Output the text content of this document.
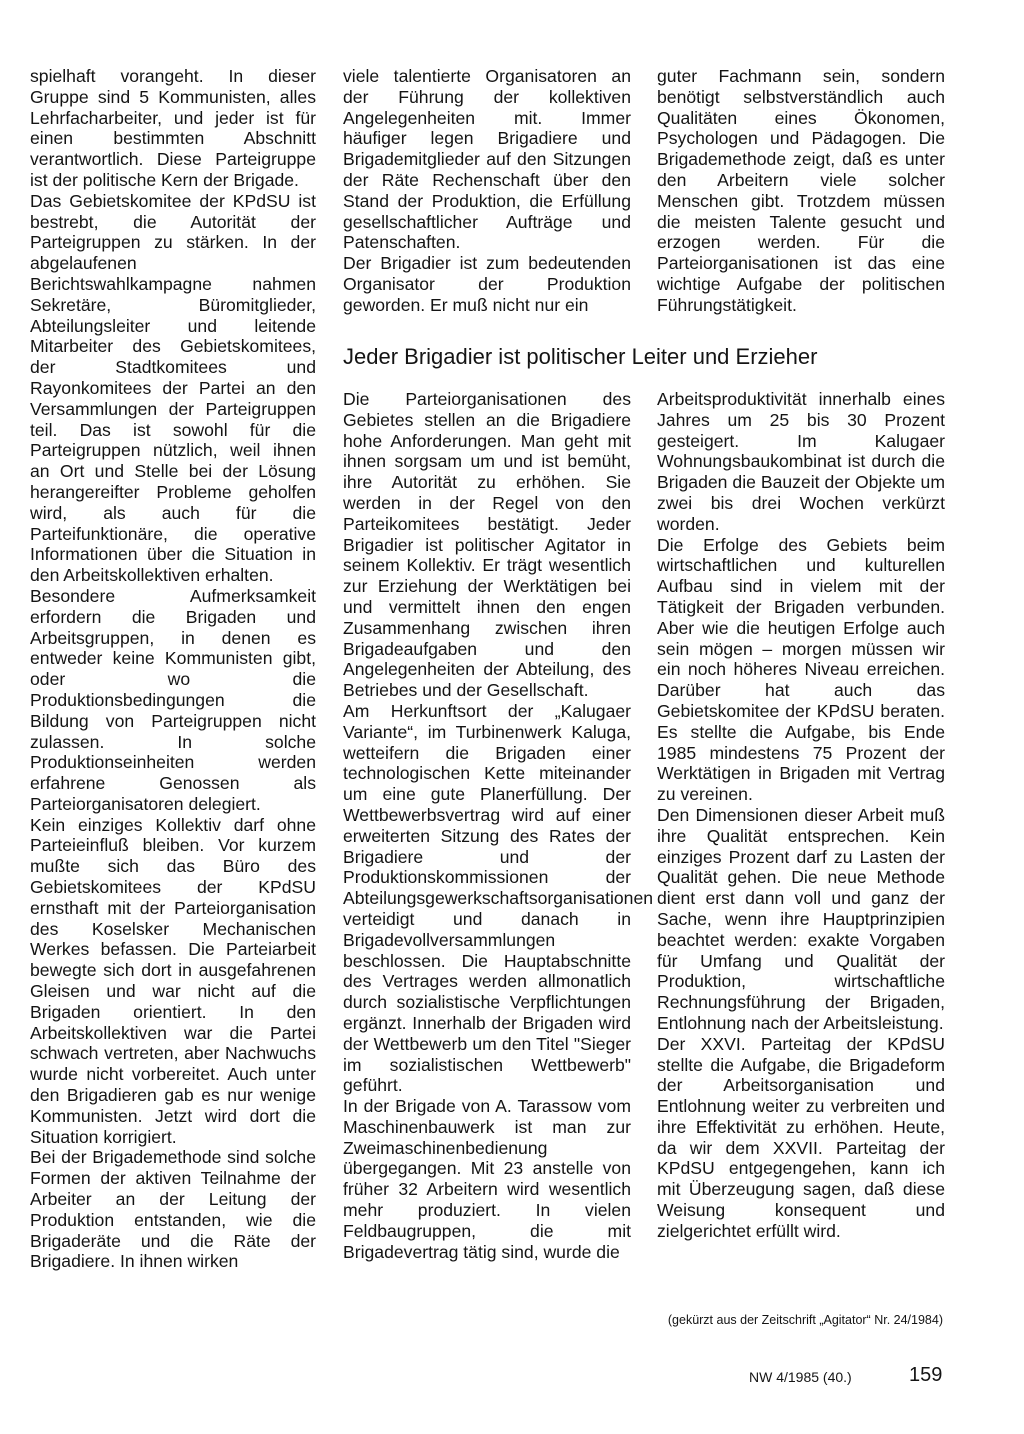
spielhaft vorangeht. In dieser Gruppe sind 5 Kommunisten, alles Lehrfacharbeiter, und jeder ist für einen bestimmten Abschnitt verantwortlich. Diese Parteigruppe ist der politische Kern der Brigade.

Das Gebietskomitee der KPdSU ist bestrebt, die Autorität der Parteigruppen zu stärken. In der abgelaufenen Berichtswahlkampagne nahmen Sekretäre, Büromitglieder, Abteilungsleiter und leitende Mitarbeiter des Gebietskomitees, der Stadtkomitees und Rayonkomitees der Partei an den Versammlungen der Parteigruppen teil. Das ist sowohl für die Parteigruppen nützlich, weil ihnen an Ort und Stelle bei der Lösung herangereifter Probleme geholfen wird, als auch für die Parteifunktionäre, die operative Informationen über die Situation in den Arbeitskollektiven erhalten.

Besondere Aufmerksamkeit erfordern die Brigaden und Arbeitsgruppen, in denen es entweder keine Kommunisten gibt, oder wo die Produktionsbedingungen die Bildung von Parteigruppen nicht zulassen. In solche Produktionseinheiten werden erfahrene Genossen als Parteiorganisatoren delegiert.

Kein einziges Kollektiv darf ohne Parteieinfluß bleiben. Vor kurzem mußte sich das Büro des Gebietskomitees der KPdSU ernsthaft mit der Parteiorganisation des Koselsker Mechanischen Werkes befassen. Die Parteiarbeit bewegte sich dort in ausgefahrenen Gleisen und war nicht auf die Brigaden orientiert. In den Arbeitskollektiven war die Partei schwach vertreten, aber Nachwuchs wurde nicht vorbereitet. Auch unter den Brigadieren gab es nur wenige Kommunisten. Jetzt wird dort die Situation korrigiert.

Bei der Brigademethode sind solche Formen der aktiven Teilnahme der Arbeiter an der Leitung der Produktion entstanden, wie die Brigaderäte und die Räte der Brigadiere. In ihnen wirken

viele talentierte Organisatoren an der Führung der kollektiven Angelegenheiten mit. Immer häufiger legen Brigadiere und Brigademitglieder auf den Sitzungen der Räte Rechenschaft über den Stand der Produktion, die Erfüllung gesellschaftlicher Aufträge und Patenschaften.

Der Brigadier ist zum bedeutenden Organisator der Produktion geworden. Er muß nicht nur ein

guter Fachmann sein, sondern benötigt selbstverständlich auch Qualitäten eines Ökonomen, Psychologen und Pädagogen. Die Brigademethode zeigt, daß es unter den Arbeitern viele solcher Menschen gibt. Trotzdem müssen die meisten Talente gesucht und erzogen werden. Für die Parteiorganisationen ist das eine wichtige Aufgabe der politischen Führungstätigkeit.

Jeder Brigadier ist politischer Leiter und Erzieher

Die Parteiorganisationen des Gebietes stellen an die Brigadiere hohe Anforderungen. Man geht mit ihnen sorgsam um und ist bemüht, ihre Autorität zu erhöhen. Sie werden in der Regel von den Parteikomitees bestätigt. Jeder Brigadier ist politischer Agitator in seinem Kollektiv. Er trägt wesentlich zur Erziehung der Werktätigen bei und vermittelt ihnen den engen Zusammenhang zwischen ihren Brigadeaufgaben und den Angelegenheiten der Abteilung, des Betriebes und der Gesellschaft.

Am Herkunftsort der „Kalugaer Variante“, im Turbinenwerk Kaluga, wetteifern die Brigaden einer technologischen Kette miteinander um eine gute Planerfüllung. Der Wettbewerbsvertrag wird auf einer erweiterten Sitzung des Rates der Brigadiere und der Produktionskommissionen der Abteilungsgewerkschaftsorganisationen verteidigt und danach in Brigadevollversammlungen beschlossen. Die Hauptabschnitte des Vertrages werden allmonatlich durch sozialistische Verpflichtungen ergänzt. Innerhalb der Brigaden wird der Wettbewerb um den Titel "Sieger im sozialistischen Wettbewerb" geführt.

In der Brigade von A. Tarassow vom Maschinenbauwerk ist man zur Zweimaschinenbedienung übergegangen. Mit 23 anstelle von früher 32 Arbeitern wird wesentlich mehr produziert. In vielen Feldbaugruppen, die mit Brigadevertrag tätig sind, wurde die

Arbeitsproduktivität innerhalb eines Jahres um 25 bis 30 Prozent gesteigert. Im Kalugaer Wohnungsbaukombinat ist durch die Brigaden die Bauzeit der Objekte um zwei bis drei Wochen verkürzt worden.

Die Erfolge des Gebiets beim wirtschaftlichen und kulturellen Aufbau sind in vielem mit der Tätigkeit der Brigaden verbunden. Aber wie die heutigen Erfolge auch sein mögen – morgen müssen wir ein noch höheres Niveau erreichen. Darüber hat auch das Gebietskomitee der KPdSU beraten. Es stellte die Aufgabe, bis Ende 1985 mindestens 75 Prozent der Werktätigen in Brigaden mit Vertrag zu vereinen.

Den Dimensionen dieser Arbeit muß ihre Qualität entsprechen. Kein einziges Prozent darf zu Lasten der Qualität gehen. Die neue Methode dient erst dann voll und ganz der Sache, wenn ihre Hauptprinzipien beachtet werden: exakte Vorgaben für Umfang und Qualität der Produktion, wirtschaftliche Rechnungsführung der Brigaden, Entlohnung nach der Arbeitsleistung.

Der XXVI. Parteitag der KPdSU stellte die Aufgabe, die Brigadeform der Arbeitsorganisation und Entlohnung weiter zu verbreiten und ihre Effektivität zu erhöhen. Heute, da wir dem XXVII. Parteitag der KPdSU entgegengehen, kann ich mit Überzeugung sagen, daß diese Weisung konsequent und zielgerichtet erfüllt wird.

(gekürzt aus der Zeitschrift „Agitator“ Nr. 24/1984)
NW 4/1985 (40.)	159
